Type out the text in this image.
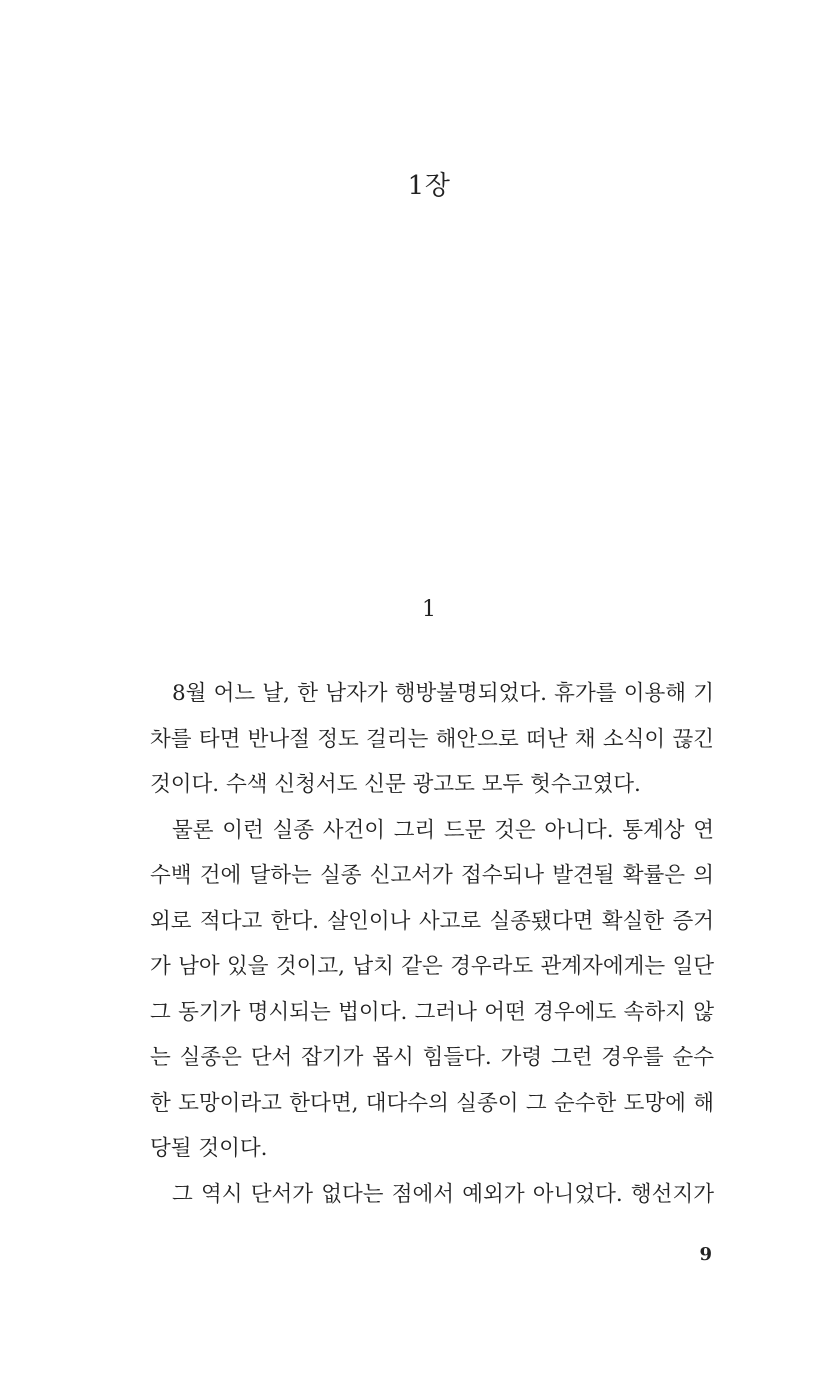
1장
1
8월 어느 날, 한 남자가 행방불명되었다. 휴가를 이용해 기
차를 타면 반나절 정도 걸리는 해안으로 떠난 채 소식이 끊긴
것이다. 수색 신청서도 신문 광고도 모두 헛수고였다.
물론 이런 실종 사건이 그리 드문 것은 아니다. 통계상 연
수백 건에 달하는 실종 신고서가 접수되나 발견될 확률은 의
외로 적다고 한다. 살인이나 사고로 실종됐다면 확실한 증거
가 남아 있을 것이고, 납치 같은 경우라도 관계자에게는 일단
그 동기가 명시되는 법이다. 그러나 어떤 경우에도 속하지 않
는 실종은 단서 잡기가 몹시 힘들다. 가령 그런 경우를 순수
한 도망이라고 한다면, 대다수의 실종이 그 순수한 도망에 해
당될 것이다.
그 역시 단서가 없다는 점에서 예외가 아니었다. 행선지가
9
